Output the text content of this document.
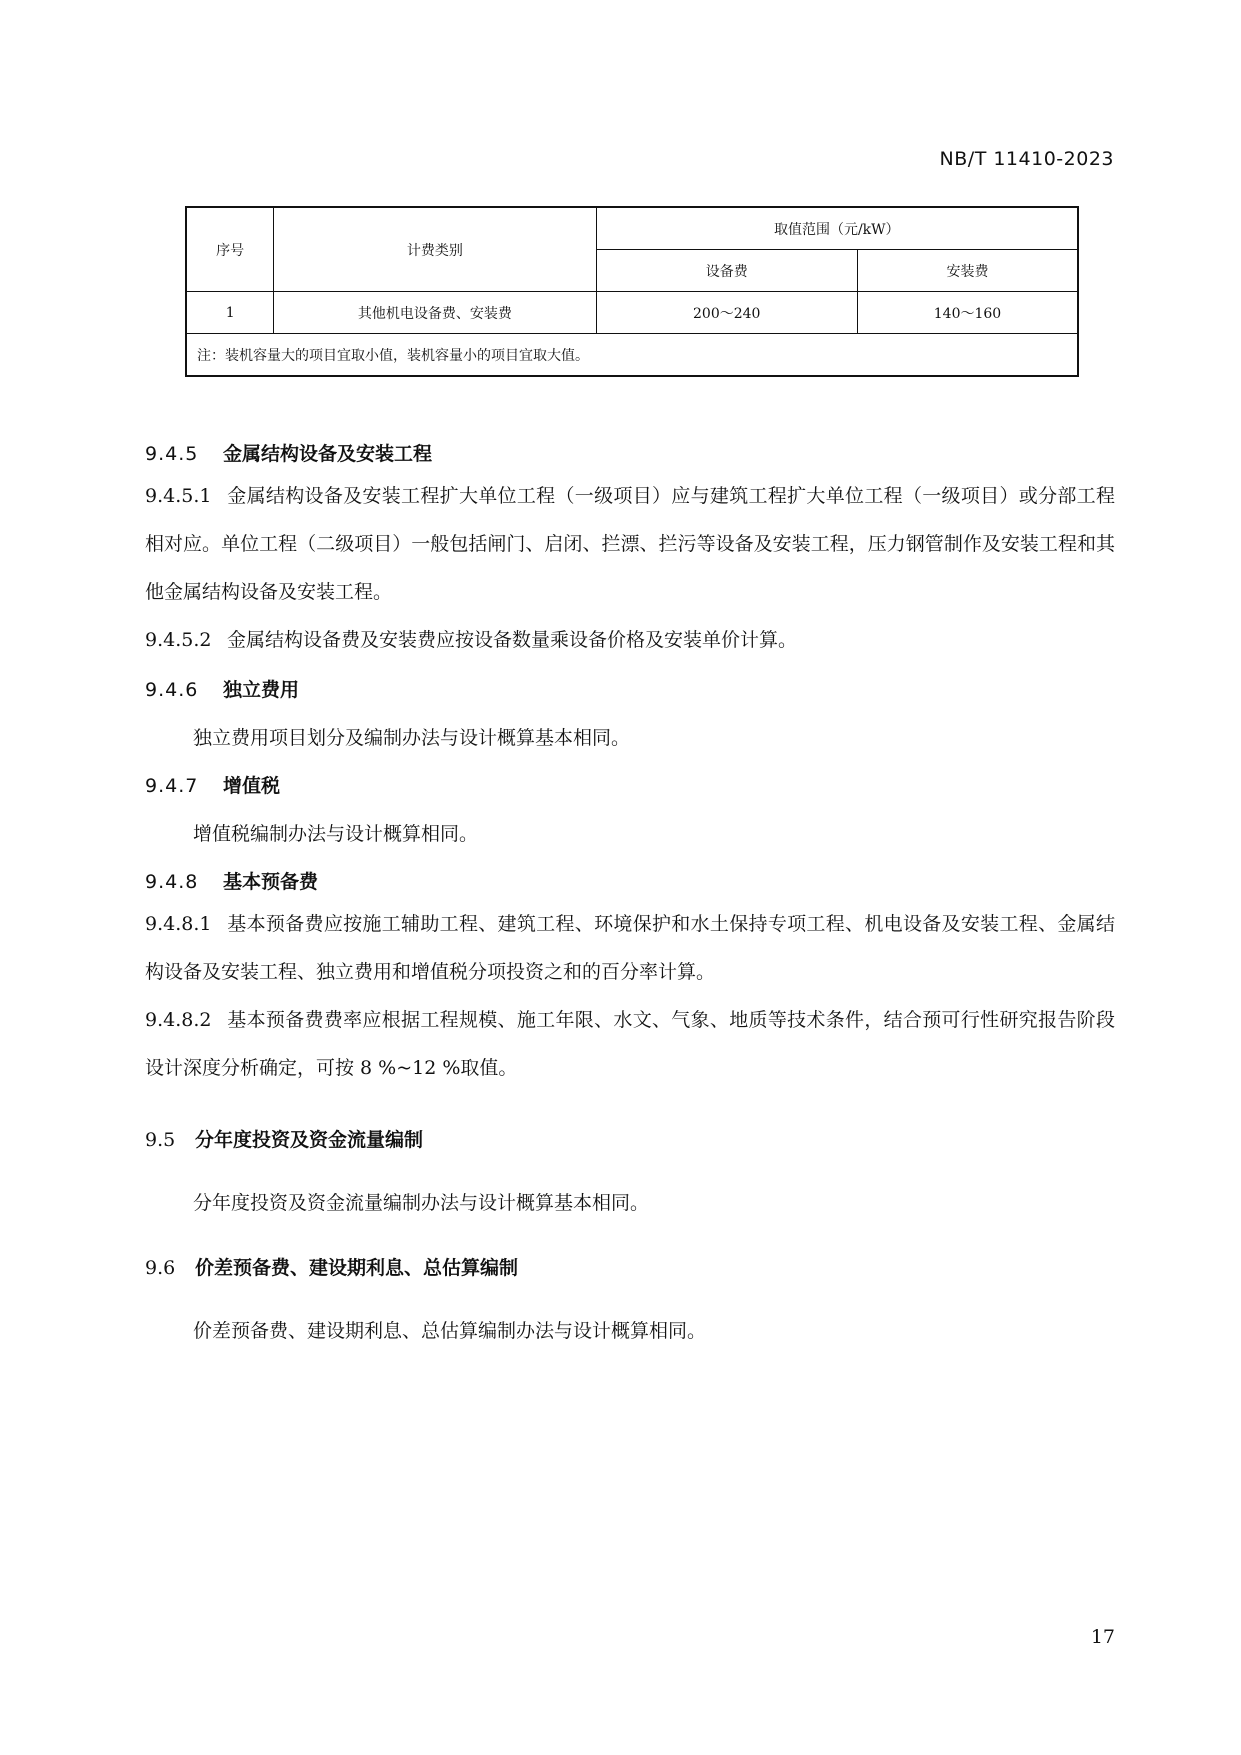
NB/T 11410-2023
序号	计费类别	取值范围（元/kW）	
		设备费	安装费
1	其他机电设备费、安装费	200～240	140～160
注：装机容量大的项目宜取小值，装机容量小的项目宜取大值。			
9.4.5 金属结构设备及安装工程
9.4.5.1 金属结构设备及安装工程扩大单位工程（一级项目）应与建筑工程扩大单位工程（一级项目）或分部工程相对应。单位工程（二级项目）一般包括闸门、启闭、拦漂、拦污等设备及安装工程，压力钢管制作及安装工程和其他金属结构设备及安装工程。
9.4.5.2 金属结构设备费及安装费应按设备数量乘设备价格及安装单价计算。
9.4.6 独立费用
独立费用项目划分及编制办法与设计概算基本相同。
9.4.7 增值税
增值税编制办法与设计概算相同。
9.4.8 基本预备费
9.4.8.1 基本预备费应按施工辅助工程、建筑工程、环境保护和水土保持专项工程、机电设备及安装工程、金属结构设备及安装工程、独立费用和增值税分项投资之和的百分率计算。
9.4.8.2 基本预备费费率应根据工程规模、施工年限、水文、气象、地质等技术条件，结合预可行性研究报告阶段设计深度分析确定，可按 8 %~12 %取值。
9.5 分年度投资及资金流量编制
分年度投资及资金流量编制办法与设计概算基本相同。
9.6 价差预备费、建设期利息、总估算编制
价差预备费、建设期利息、总估算编制办法与设计概算相同。
17
